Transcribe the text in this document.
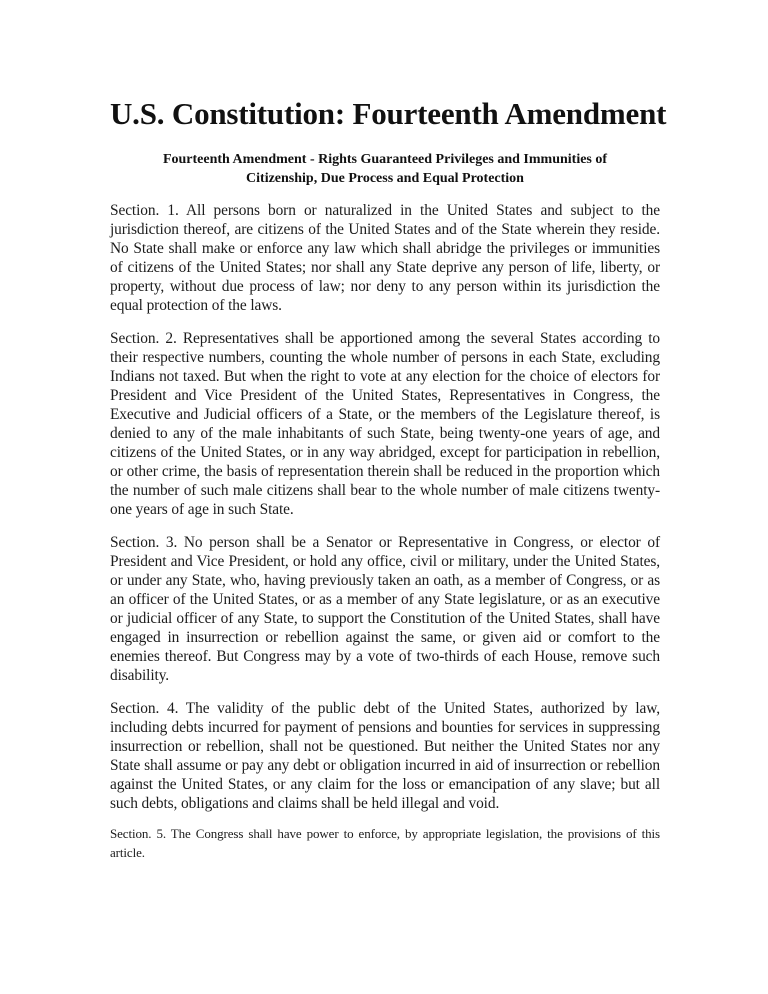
U.S. Constitution: Fourteenth Amendment
Fourteenth Amendment - Rights Guaranteed Privileges and Immunities of Citizenship, Due Process and Equal Protection

Section. 1. All persons born or naturalized in the United States and subject to the jurisdiction thereof, are citizens of the United States and of the State wherein they reside. No State shall make or enforce any law which shall abridge the privileges or immunities of citizens of the United States; nor shall any State deprive any person of life, liberty, or property, without due process of law; nor deny to any person within its jurisdiction the equal protection of the laws.

Section. 2. Representatives shall be apportioned among the several States according to their respective numbers, counting the whole number of persons in each State, excluding Indians not taxed. But when the right to vote at any election for the choice of electors for President and Vice President of the United States, Representatives in Congress, the Executive and Judicial officers of a State, or the members of the Legislature thereof, is denied to any of the male inhabitants of such State, being twenty-one years of age, and citizens of the United States, or in any way abridged, except for participation in rebellion, or other crime, the basis of representation therein shall be reduced in the proportion which the number of such male citizens shall bear to the whole number of male citizens twenty-one years of age in such State.

Section. 3. No person shall be a Senator or Representative in Congress, or elector of President and Vice President, or hold any office, civil or military, under the United States, or under any State, who, having previously taken an oath, as a member of Congress, or as an officer of the United States, or as a member of any State legislature, or as an executive or judicial officer of any State, to support the Constitution of the United States, shall have engaged in insurrection or rebellion against the same, or given aid or comfort to the enemies thereof. But Congress may by a vote of two-thirds of each House, remove such disability.

Section. 4. The validity of the public debt of the United States, authorized by law, including debts incurred for payment of pensions and bounties for services in suppressing insurrection or rebellion, shall not be questioned. But neither the United States nor any State shall assume or pay any debt or obligation incurred in aid of insurrection or rebellion against the United States, or any claim for the loss or emancipation of any slave; but all such debts, obligations and claims shall be held illegal and void.

Section. 5. The Congress shall have power to enforce, by appropriate legislation, the provisions of this article.
